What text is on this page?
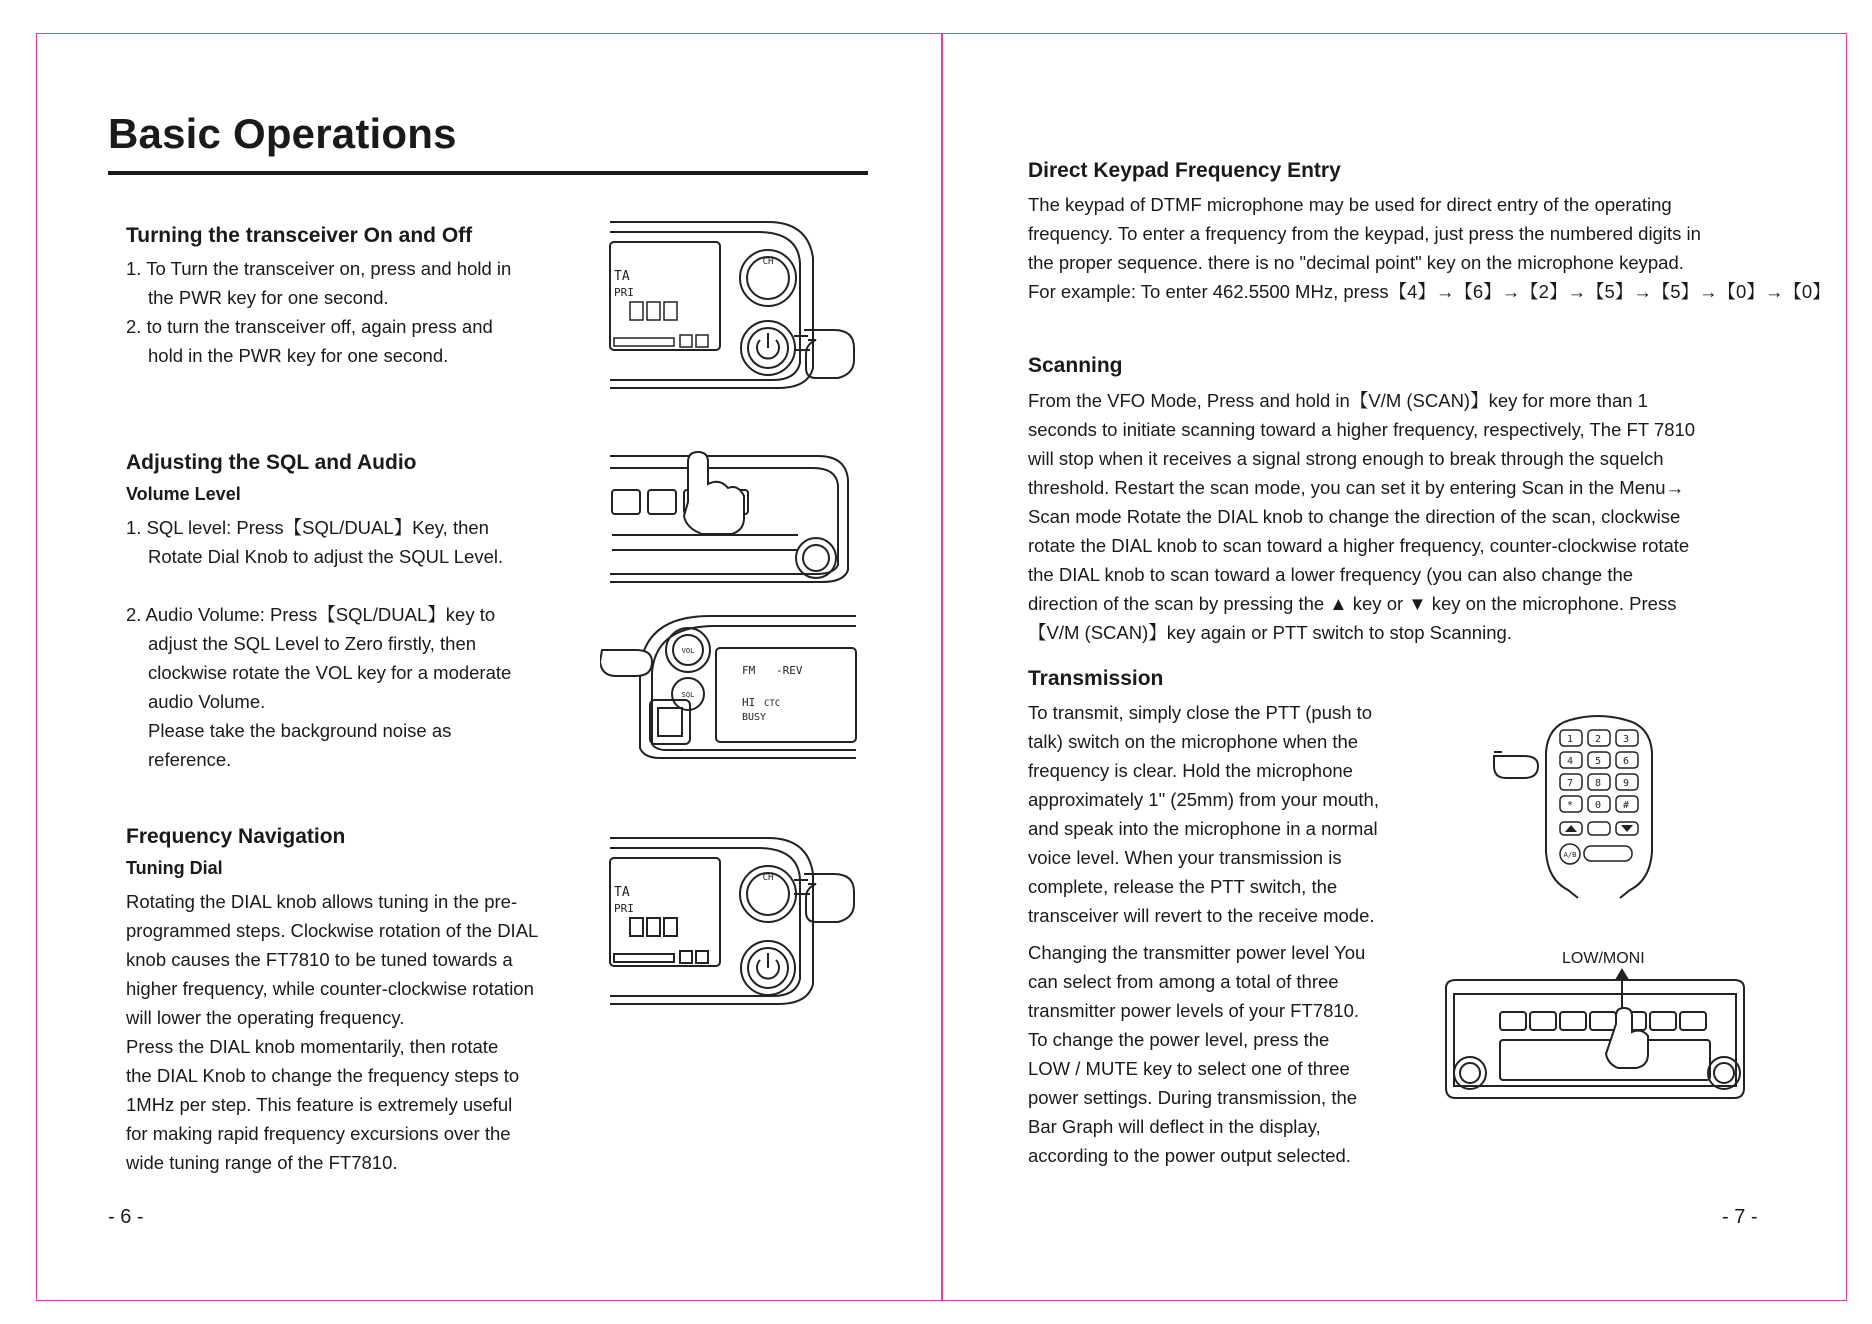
Basic Operations
Turning the transceiver On and Off

1. To Turn the transceiver on, press and hold in

the PWR key for one second.

2. to turn the transceiver off, again press and

hold in the PWR key for one second.

Adjusting the SQL and Audio
Volume Level

1. SQL level: Press【SQL/DUAL】Key, then

Rotate Dial Knob to adjust the SQUL Level.

2. Audio Volume: Press【SQL/DUAL】key to

adjust the SQL Level to Zero firstly, then

clockwise rotate the VOL key for a moderate

audio Volume.

Please take the background noise as

reference.

Frequency Navigation
Tuning Dial

Rotating the DIAL knob allows tuning in the pre-

programmed steps. Clockwise rotation of the DIAL

knob causes the FT7810 to be tuned towards a

higher frequency, while counter-clockwise rotation

will lower the operating frequency.

Press the DIAL knob momentarily, then rotate

the DIAL Knob to change the frequency steps to

1MHz per step. This feature is extremely useful

for making rapid frequency excursions over the

wide tuning range of the FT7810.

- 6 -
TA
PRI
CH
VOL
SQL
FM -REV
HI CTC
BUSY
TA
PRI
CH
Direct Keypad Frequency Entry

The keypad of DTMF microphone may be used for direct entry of the operating

frequency. To enter a frequency from the keypad, just press the numbered digits in

the proper sequence. there is no "decimal point" key on the microphone keypad.

For example: To enter 462.5500 MHz, press【4】→【6】→【2】→【5】→【5】→【0】→【0】

Scanning

From the VFO Mode, Press and hold in【V/M (SCAN)】key for more than 1

seconds to initiate scanning toward a higher frequency, respectively, The FT 7810

will stop when it receives a signal strong enough to break through the squelch

threshold. Restart the scan mode, you can set it by entering Scan in the Menu→

Scan mode Rotate the DIAL knob to change the direction of the scan, clockwise

rotate the DIAL knob to scan toward a higher frequency, counter-clockwise rotate

the DIAL knob to scan toward a lower frequency (you can also change the

direction of the scan by pressing the ▲ key or ▼ key on the microphone. Press

【V/M (SCAN)】key again or PTT switch to stop Scanning.

Transmission

To transmit, simply close the PTT (push to

talk) switch on the microphone when the

frequency is clear. Hold the microphone

approximately 1" (25mm) from your mouth,

and speak into the microphone in a normal

voice level. When your transmission is

complete, release the PTT switch, the

transceiver will revert to the receive mode.

Changing the transmitter power level You

can select from among a total of three

transmitter power levels of your FT7810.

To change the power level, press the

LOW / MUTE key to select one of three

power settings. During transmission, the

Bar Graph will deflect in the display,

according to the power output selected.

- 7 -
1 2 3
4 5 6
7 8 9
* 0 #
A/B
LOW/MONI
